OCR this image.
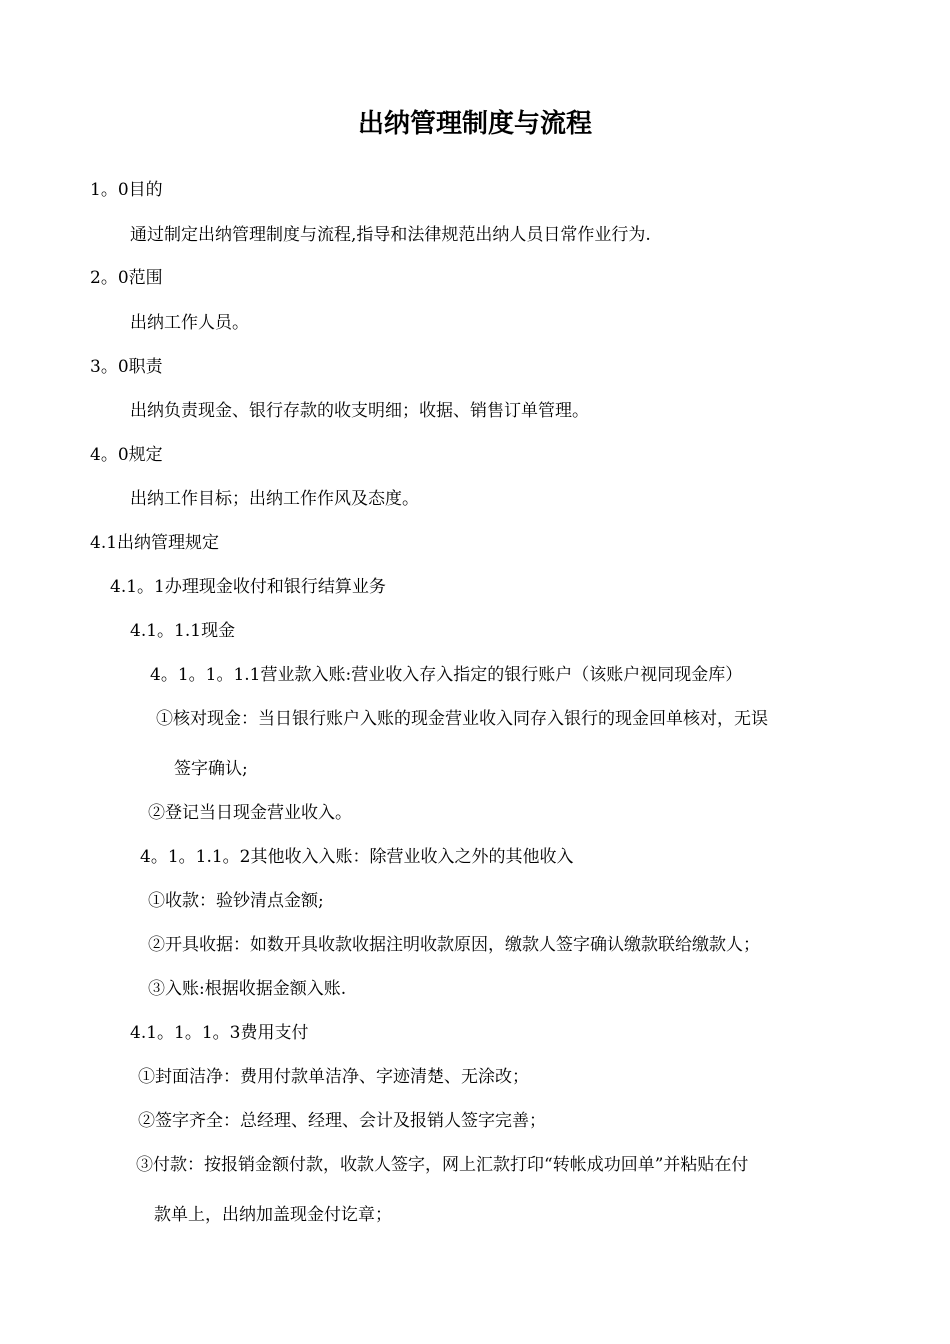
出纳管理制度与流程
1。0目的
通过制定出纳管理制度与流程,指导和法律规范出纳人员日常作业行为.
2。0范围
出纳工作人员。
3。0职责
出纳负责现金、银行存款的收支明细；收据、销售订单管理。
4。0规定
出纳工作目标；出纳工作作风及态度。
4.1出纳管理规定
4.1。1办理现金收付和银行结算业务
4.1。1.1现金
4。1。1。1.1营业款入账:营业收入存入指定的银行账户（该账户视同现金库）
①核对现金：当日银行账户入账的现金营业收入同存入银行的现金回单核对，无误
签字确认;
②登记当日现金营业收入。
4。1。1.1。2其他收入入账：除营业收入之外的其他收入
①收款：验钞清点金额;
②开具收据：如数开具收款收据注明收款原因，缴款人签字确认缴款联给缴款人；
③入账:根据收据金额入账.
4.1。1。1。3费用支付
①封面洁净：费用付款单洁净、字迹清楚、无涂改；
②签字齐全：总经理、经理、会计及报销人签字完善；
③付款：按报销金额付款，收款人签字，网上汇款打印“转帐成功回单”并粘贴在付
款单上，出纳加盖现金付讫章；
